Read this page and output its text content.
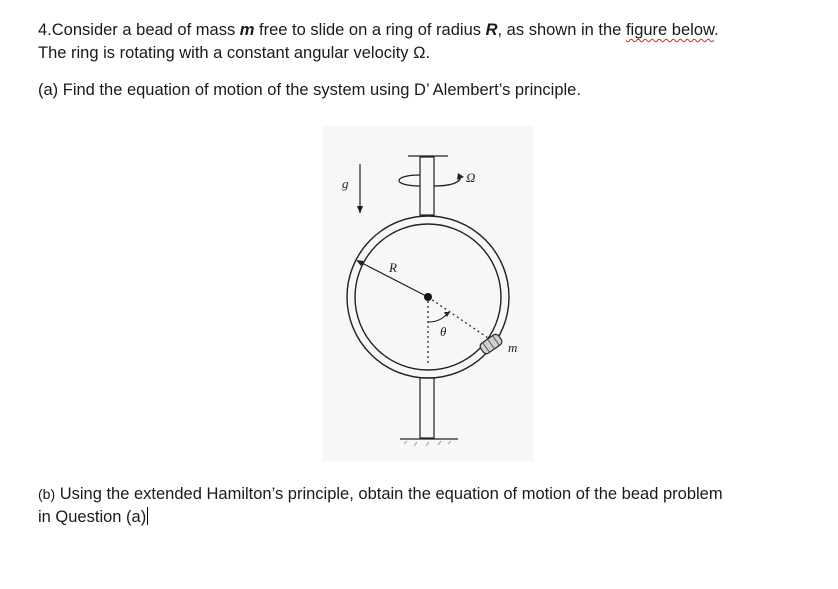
4.Consider a bead of mass m free to slide on a ring of radius R, as shown in the figure below.
The ring is rotating with a constant angular velocity Ω.
(a) Find the equation of motion of the system using D’ Alembert’s principle.
g	Ω
R
θ
m
(b) Using the extended Hamilton’s principle, obtain the equation of motion of the bead problem
in Question (a)
